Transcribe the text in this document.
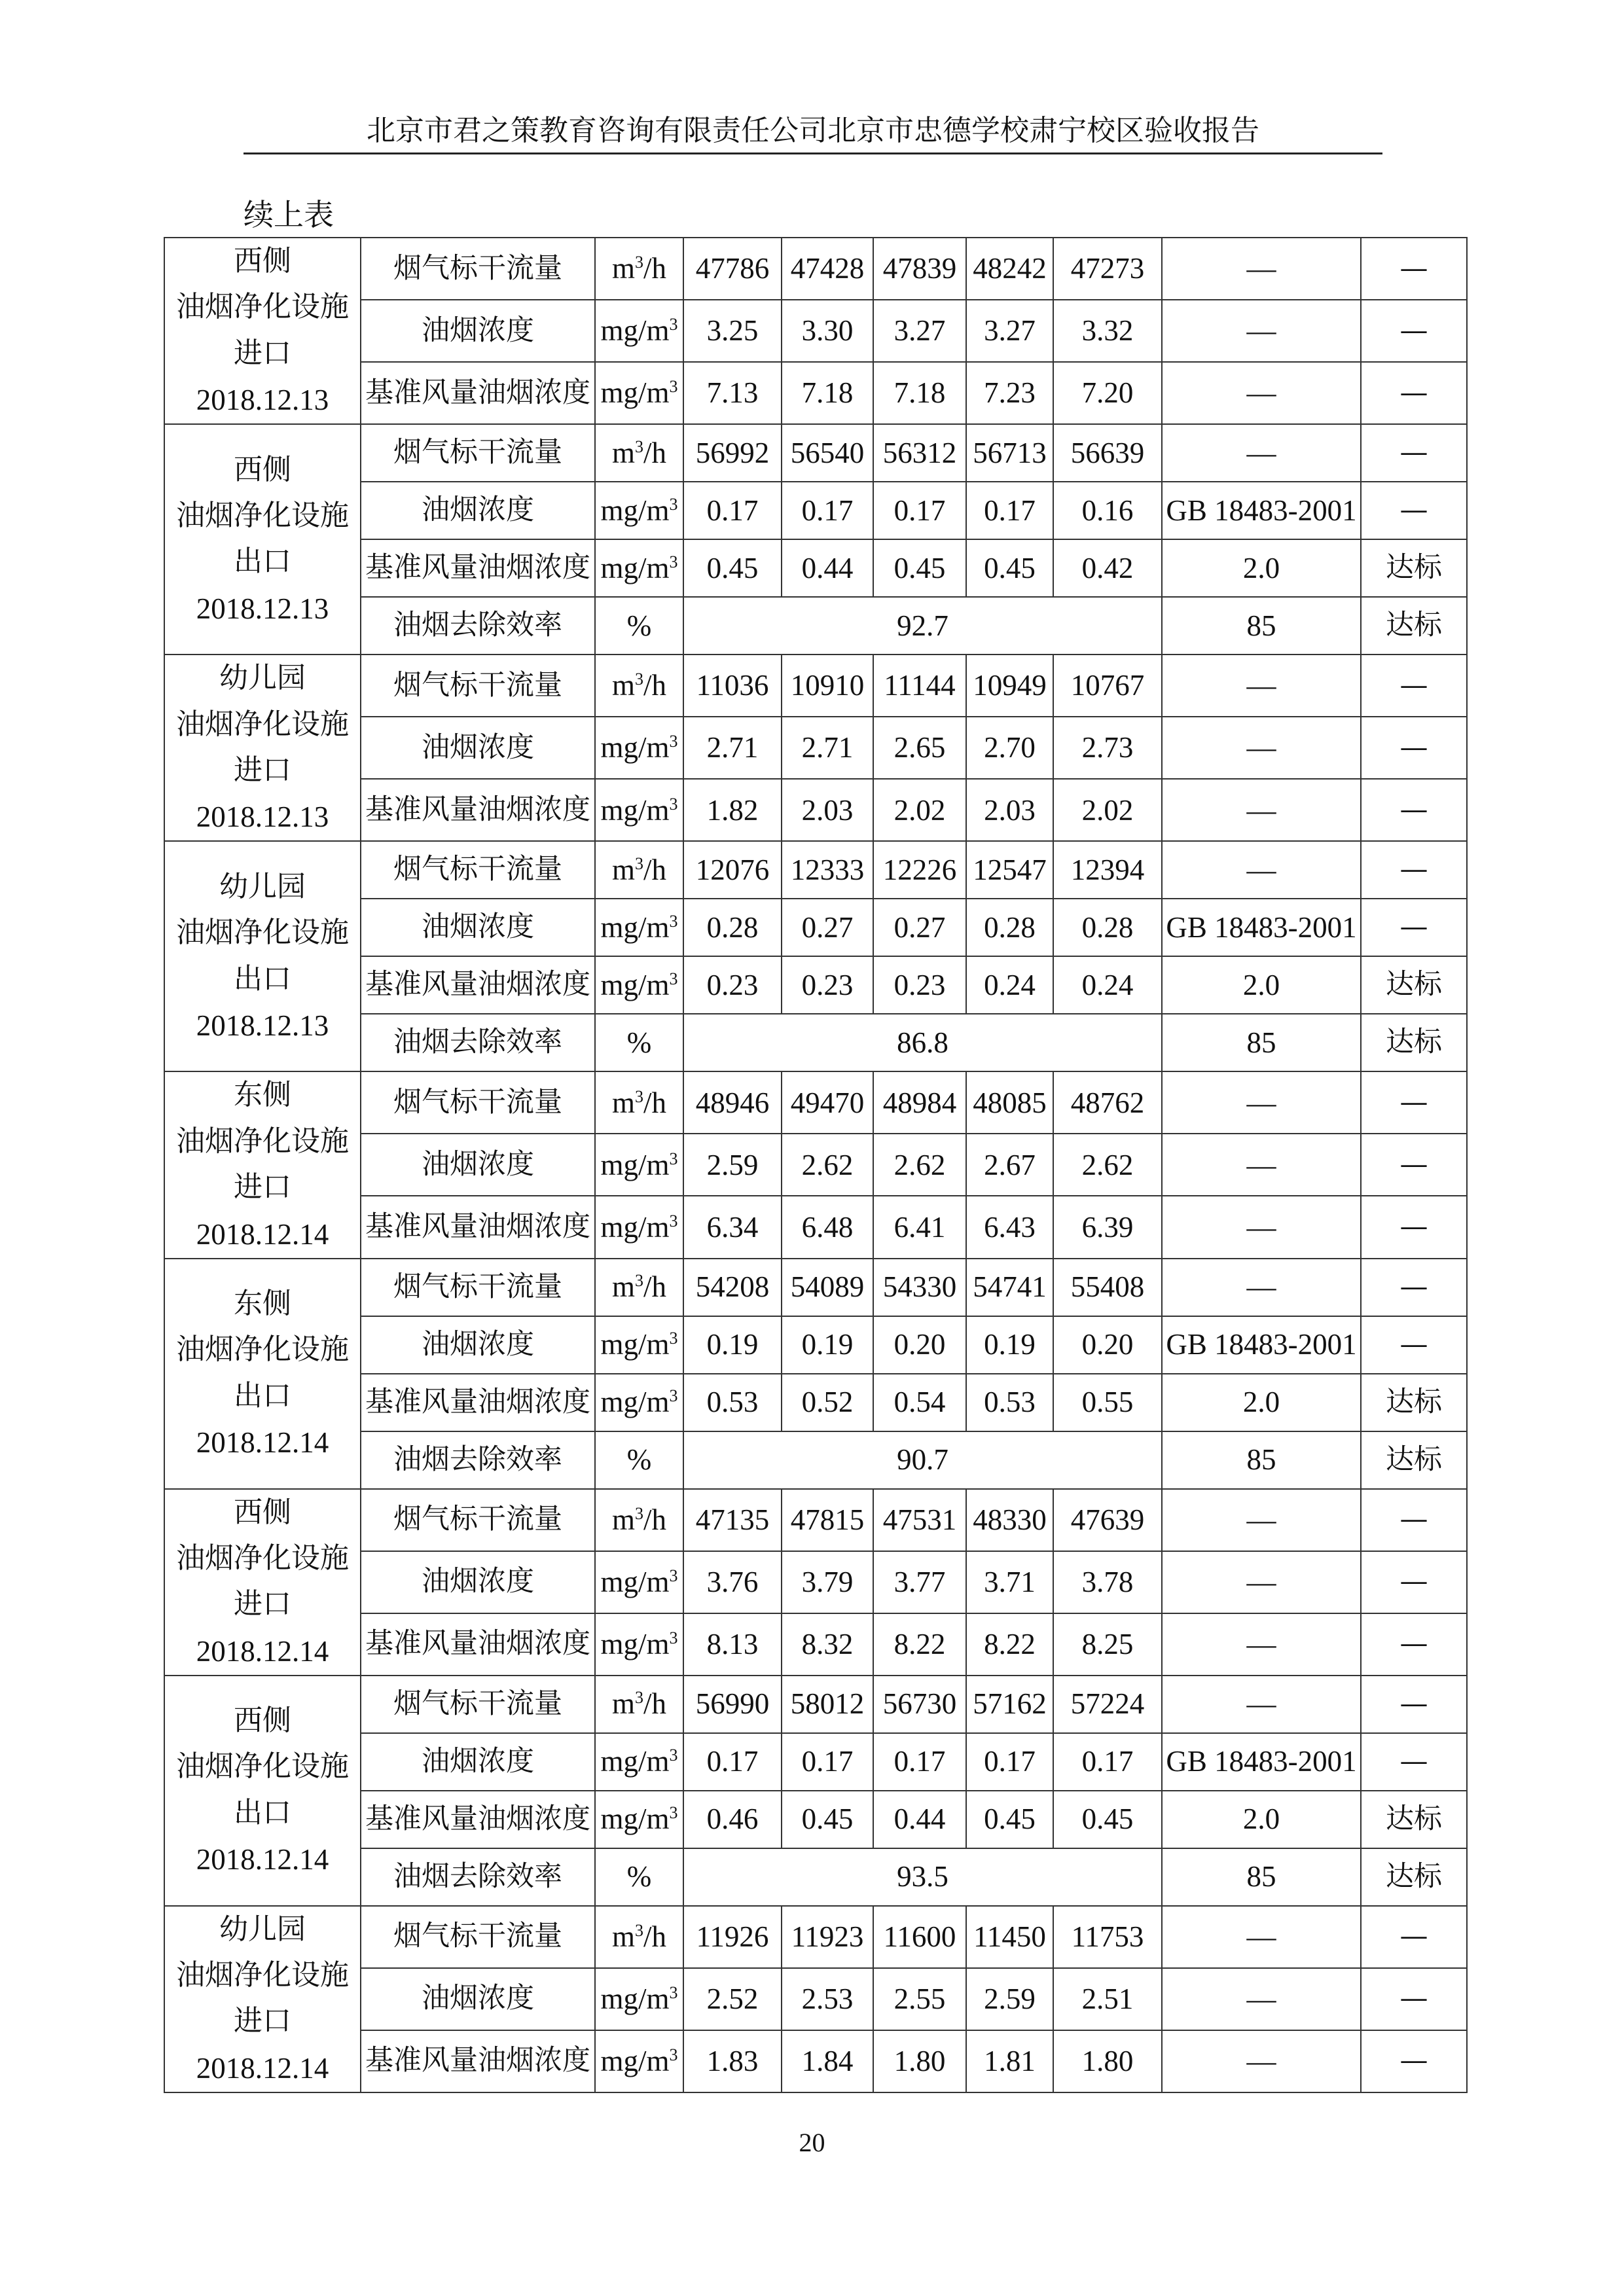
北京市君之策教育咨询有限责任公司北京市忠德学校肃宁校区验收报告
续上表
西侧
油烟净化设施
进口
2018.12.13	烟气标干流量	$m^3/h$	47786	47428	47839	48242	47273	—	—
	油烟浓度	$mg/m^3$	3.25	3.30	3.27	3.27	3.32	—	—
	基准风量油烟浓度	$mg/m^3$	7.13	7.18	7.18	7.23	7.20	—	—

西侧
油烟净化设施
出口
2018.12.13	烟气标干流量	$m^3/h$	56992	56540	56312	56713	56639	—	—
	油烟浓度	$mg/m^3$	0.17	0.17	0.17	0.17	0.16	GB 18483-2001	—
	基准风量油烟浓度	$mg/m^3$	0.45	0.44	0.45	0.45	0.42	2.0	达标
	油烟去除效率	%	92.7					85	达标

幼儿园
油烟净化设施
进口
2018.12.13	烟气标干流量	$m^3/h$	11036	10910	11144	10949	10767	—	—
	油烟浓度	$mg/m^3$	2.71	2.71	2.65	2.70	2.73	—	—
	基准风量油烟浓度	$mg/m^3$	1.82	2.03	2.02	2.03	2.02	—	—

幼儿园
油烟净化设施
出口
2018.12.13	烟气标干流量	$m^3/h$	12076	12333	12226	12547	12394	—	—
	油烟浓度	$mg/m^3$	0.28	0.27	0.27	0.28	0.28	GB 18483-2001	—
	基准风量油烟浓度	$mg/m^3$	0.23	0.23	0.23	0.24	0.24	2.0	达标
	油烟去除效率	%	86.8					85	达标

东侧
油烟净化设施
进口
2018.12.14	烟气标干流量	$m^3/h$	48946	49470	48984	48085	48762	—	—
	油烟浓度	$mg/m^3$	2.59	2.62	2.62	2.67	2.62	—	—
	基准风量油烟浓度	$mg/m^3$	6.34	6.48	6.41	6.43	6.39	—	—

东侧
油烟净化设施
出口
2018.12.14	烟气标干流量	$m^3/h$	54208	54089	54330	54741	55408	—	—
	油烟浓度	$mg/m^3$	0.19	0.19	0.20	0.19	0.20	GB 18483-2001	—
	基准风量油烟浓度	$mg/m^3$	0.53	0.52	0.54	0.53	0.55	2.0	达标
	油烟去除效率	%	90.7					85	达标

西侧
油烟净化设施
进口
2018.12.14	烟气标干流量	$m^3/h$	47135	47815	47531	48330	47639	—	—
	油烟浓度	$mg/m^3$	3.76	3.79	3.77	3.71	3.78	—	—
	基准风量油烟浓度	$mg/m^3$	8.13	8.32	8.22	8.22	8.25	—	—

西侧
油烟净化设施
出口
2018.12.14	烟气标干流量	$m^3/h$	56990	58012	56730	57162	57224	—	—
	油烟浓度	$mg/m^3$	0.17	0.17	0.17	0.17	0.17	GB 18483-2001	—
	基准风量油烟浓度	$mg/m^3$	0.46	0.45	0.44	0.45	0.45	2.0	达标
	油烟去除效率	%	93.5					85	达标

幼儿园
油烟净化设施
进口
2018.12.14	烟气标干流量	$m^3/h$	11926	11923	11600	11450	11753	—	—
	油烟浓度	$mg/m^3$	2.52	2.53	2.55	2.59	2.51	—	—
	基准风量油烟浓度	$mg/m^3$	1.83	1.84	1.80	1.81	1.80	—	—
20
